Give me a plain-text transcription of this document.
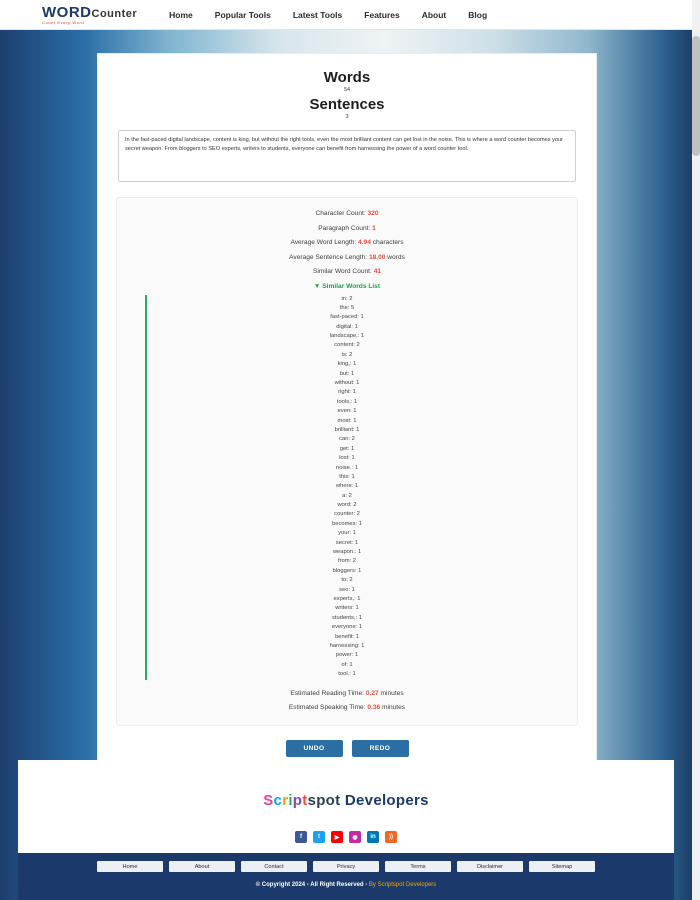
WORDCounter
Count Every Word
Home	Popular Tools	Latest Tools	Features	About	Blog
Words
54
Sentences
3
In the fast-paced digital landscape, content is king, but without the right tools, even the most brilliant content can get lost in the noise. This is where a word counter becomes your secret weapon. From bloggers to SEO experts, writers to students, everyone can benefit from harnessing the power of a word counter tool.
Character Count: 320
Paragraph Count: 1
Average Word Length: 4.94 characters
Average Sentence Length: 18.00 words
Similar Word Count: 41
▼ Similar Words List
in: 2
the: 5
fast-paced: 1
digital: 1
landscape,: 1
content: 2
is: 2
king,: 1
but: 1
without: 1
right: 1
tools,: 1
even: 1
most: 1
brilliant: 1
can: 2
get: 1
lost: 1
noise.: 1
this: 1
where: 1
a: 2
word: 2
counter: 2
becomes: 1
your: 1
secret: 1
weapon.: 1
from: 2
bloggers: 1
to: 2
seo: 1
experts,: 1
writers: 1
students,: 1
everyone: 1
benefit: 1
harnessing: 1
power: 1
of: 1
tool.: 1
Estimated Reading Time: 0.27 minutes
Estimated Speaking Time: 0.36 minutes
UNDO	REDO
Scriptspot Developers
f	t	▶	◉	in	))
Home	About	Contact	Privacy	Terms	Disclaimer	Sitemap
© Copyright 2024 - All Right Reserved - By Scriptspot Developers
